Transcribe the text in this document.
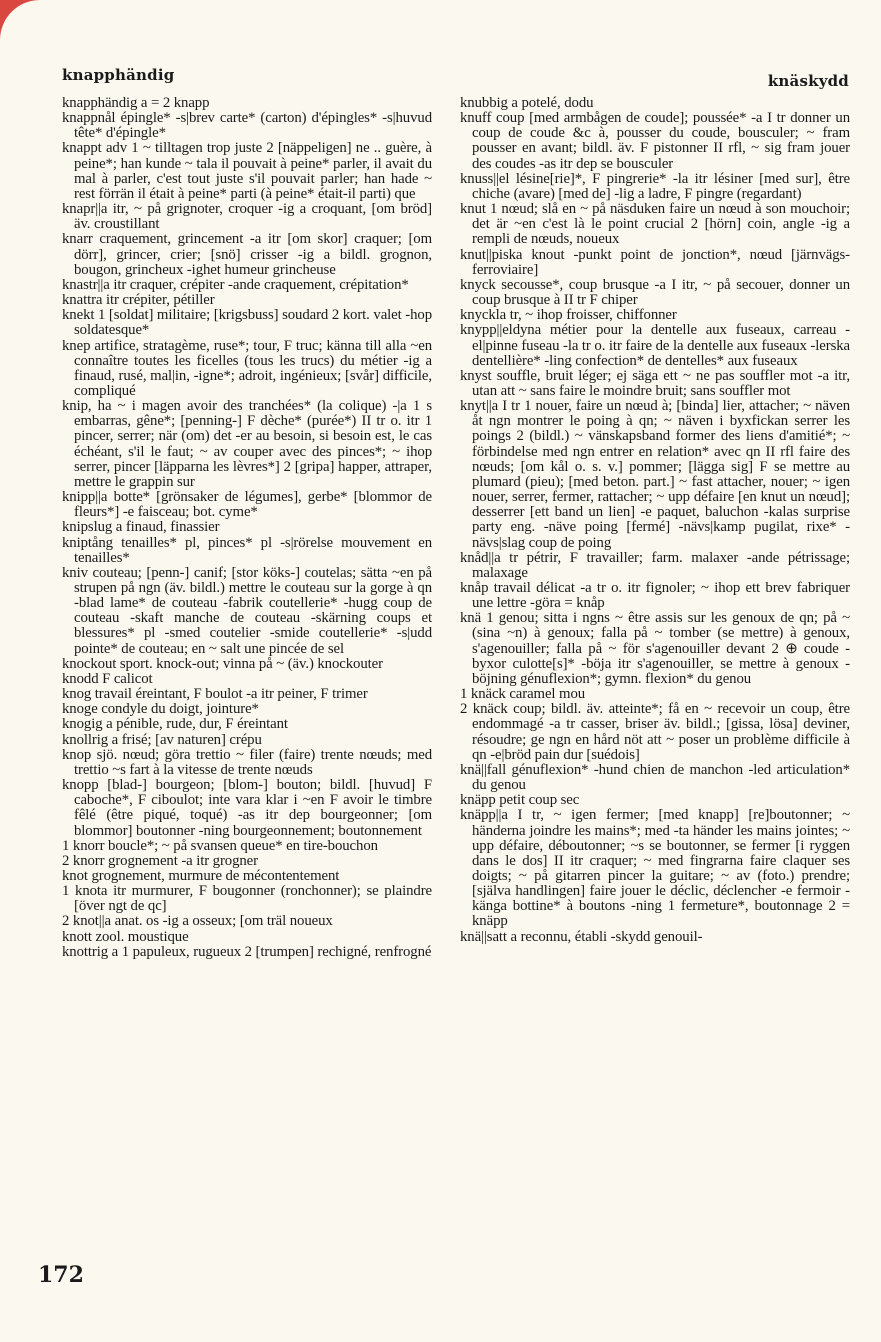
knapphändig	knäskydd
knapphändig a = 2 knapp
knappnål épingle* -s|brev carte* (carton) d'épingles* -s|huvud tête* d'épingle*
knappt adv 1 ~ tilltagen trop juste 2 [näppeligen] ne .. guère, à peine*; han kunde ~ tala il pouvait à peine* parler, il avait du mal à parler, c'est tout juste s'il pouvait parler; han hade ~ rest förrän il était à peine* parti (à peine* était-il parti) que
knapr||a itr, ~ på grignoter, croquer -ig a croquant, [om bröd] äv. croustillant
knarr craquement, grincement -a itr [om skor] craquer; [om dörr], grincer, crier; [snö] crisser -ig a bildl. grognon, bougon, grincheux -ighet humeur grincheuse
knastr||a itr craquer, crépiter -ande craquement, crépitation*
knattra itr crépiter, pétiller
knekt 1 [soldat] militaire; [krigsbuss] soudard 2 kort. valet -hop soldatesque*
knep artifice, stratagème, ruse*; tour, F truc; känna till alla ~en connaître toutes les ficelles (tous les trucs) du métier -ig a finaud, rusé, mal|in, -igne*; adroit, ingénieux; [svår] difficile, compliqué
knip, ha ~ i magen avoir des tranchées* (la colique) -|a 1 s embarras, gêne*; [penning-] F dèche* (purée*) II tr o. itr 1 pincer, serrer; när (om) det -er au besoin, si besoin est, le cas échéant, s'il le faut; ~ av couper avec des pinces*; ~ ihop serrer, pincer [läpparna les lèvres*] 2 [gripa] happer, attraper, mettre le grappin sur
knipp||a botte* [grönsaker de légumes], gerbe* [blommor de fleurs*] -e faisceau; bot. cyme*
knipslug a finaud, finassier
kniptång tenailles* pl, pinces* pl -s|rörelse mouvement en tenailles*
kniv couteau; [penn-] canif; [stor köks-] coutelas; sätta ~en på strupen på ngn (äv. bildl.) mettre le couteau sur la gorge à qn -blad lame* de couteau -fabrik coutellerie* -hugg coup de couteau -skaft manche de couteau -skärning coups et blessures* pl -smed coutelier -smide coutellerie* -s|udd pointe* de couteau; en ~ salt une pincée de sel
knockout sport. knock-out; vinna på ~ (äv.) knockouter
knodd F calicot
knog travail éreintant, F boulot -a itr peiner, F trimer
knoge condyle du doigt, jointure*
knogig a pénible, rude, dur, F éreintant
knollrig a frisé; [av naturen] crépu
knop sjö. nœud; göra trettio ~ filer (faire) trente nœuds; med trettio ~s fart à la vitesse de trente nœuds
knopp [blad-] bourgeon; [blom-] bouton; bildl. [huvud] F caboche*, F ciboulot; inte vara klar i ~en F avoir le timbre fêlé (être piqué, toqué) -as itr dep bourgeonner; [om blommor] boutonner -ning bourgeonnement; boutonnement
1 knorr boucle*; ~ på svansen queue* en tire-bouchon
2 knorr grognement -a itr grogner
knot grognement, murmure de mécontentement
1 knota itr murmurer, F bougonner (ronchonner); se plaindre [över ngt de qc]
2 knot||a anat. os -ig a osseux; [om träl noueux
knott zool. moustique
knottrig a 1 papuleux, rugueux 2 [trumpen] rechigné, renfrogné
knubbig a potelé, dodu
knuff coup [med armbågen de coude]; poussée* -a I tr donner un coup de coude &c à, pousser du coude, bousculer; ~ fram pousser en avant; bildl. äv. F pistonner II rfl, ~ sig fram jouer des coudes -as itr dep se bousculer
knuss||el lésine[rie]*, F pingrerie* -la itr lésiner [med sur], être chiche (avare) [med de] -lig a ladre, F pingre (regardant)
knut 1 nœud; slå en ~ på näsduken faire un nœud à son mouchoir; det är ~en c'est là le point crucial 2 [hörn] coin, angle -ig a rempli de nœuds, noueux
knut||piska knout -punkt point de jonction*, nœud [järnvägs- ferroviaire]
knyck secousse*, coup brusque -a I itr, ~ på secouer, donner un coup brusque à II tr F chiper
knyckla tr, ~ ihop froisser, chiffonner
knypp||eldyna métier pour la dentelle aux fuseaux, carreau -el|pinne fuseau -la tr o. itr faire de la dentelle aux fuseaux -lerska dentellière* -ling confection* de dentelles* aux fuseaux
knyst souffle, bruit léger; ej säga ett ~ ne pas souffler mot -a itr, utan att ~ sans faire le moindre bruit; sans souffler mot
knyt||a I tr 1 nouer, faire un nœud à; [binda] lier, attacher; ~ näven åt ngn montrer le poing à qn; ~ näven i byxfickan serrer les poings 2 (bildl.) ~ vänskapsband former des liens d'amitié*; ~ förbindelse med ngn entrer en relation* avec qn II rfl faire des nœuds; [om kål o. s. v.] pommer; [lägga sig] F se mettre au plumard (pieu); [med beton. part.] ~ fast attacher, nouer; ~ igen nouer, serrer, fermer, rattacher; ~ upp défaire [en knut un nœud]; desserrer [ett band un lien] -e paquet, baluchon -kalas surprise party eng. -näve poing [fermé] -nävs|kamp pugilat, rixe* -nävs|slag coup de poing
knåd||a tr pétrir, F travailler; farm. malaxer -ande pétrissage; malaxage
knåp travail délicat -a tr o. itr fignoler; ~ ihop ett brev fabriquer une lettre -göra = knåp
knä 1 genou; sitta i ngns ~ être assis sur les genoux de qn; på ~ (sina ~n) à genoux; falla på ~ tomber (se mettre) à genoux, s'agenouiller; falla på ~ för s'agenouiller devant 2 ⊕ coude -byxor culotte[s]* -böja itr s'agenouiller, se mettre à genoux -böjning génuflexion*; gymn. flexion* du genou
1 knäck caramel mou
2 knäck coup; bildl. äv. atteinte*; få en ~ recevoir un coup, être endommagé -a tr casser, briser äv. bildl.; [gissa, lösa] deviner, résoudre; ge ngn en hård nöt att ~ poser un problème difficile à qn -e|bröd pain dur [suédois]
knä||fall génuflexion* -hund chien de manchon -led articulation* du genou
knäpp petit coup sec
knäpp||a I tr, ~ igen fermer; [med knapp] [re]boutonner; ~ händerna joindre les mains*; med -ta händer les mains jointes; ~ upp défaire, déboutonner; ~s se boutonner, se fermer [i ryggen dans le dos] II itr craquer; ~ med fingrarna faire claquer ses doigts; ~ på gitarren pincer la guitare; ~ av (foto.) prendre; [själva handlingen] faire jouer le déclic, déclencher -e fermoir -känga bottine* à boutons -ning 1 fermeture*, boutonnage 2 = knäpp
knä||satt a reconnu, établi -skydd genouil-
172
